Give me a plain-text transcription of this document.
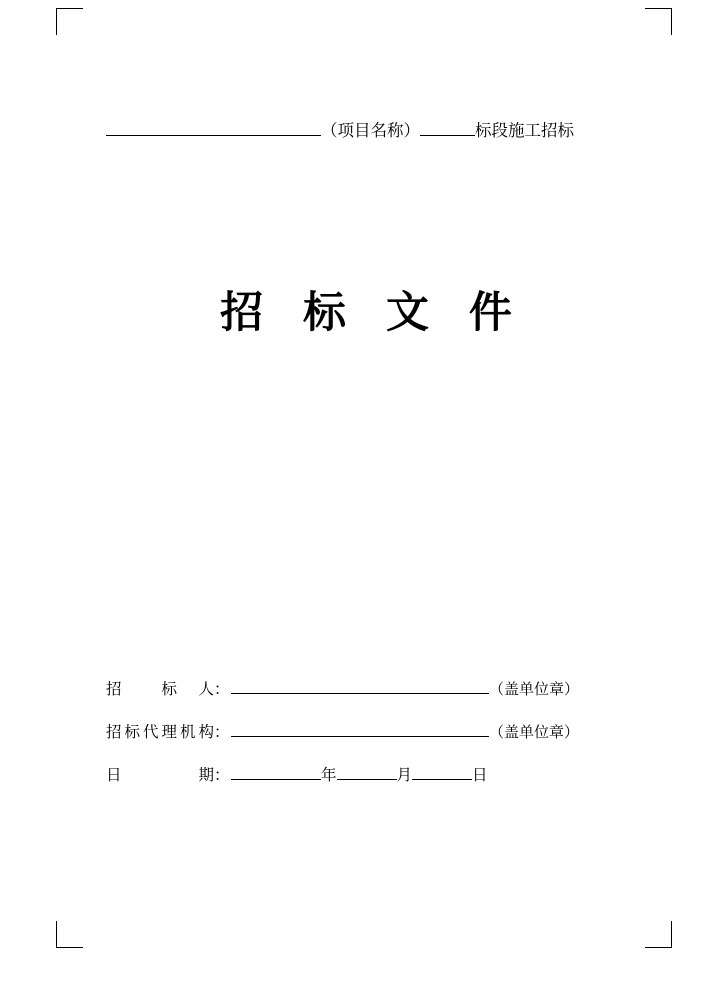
（项目名称）	标段施工招标
招 标 文 件
招　　标　人：	（盖单位章）
招标代理机构：	（盖单位章）
日　　　期：	年	月	日
